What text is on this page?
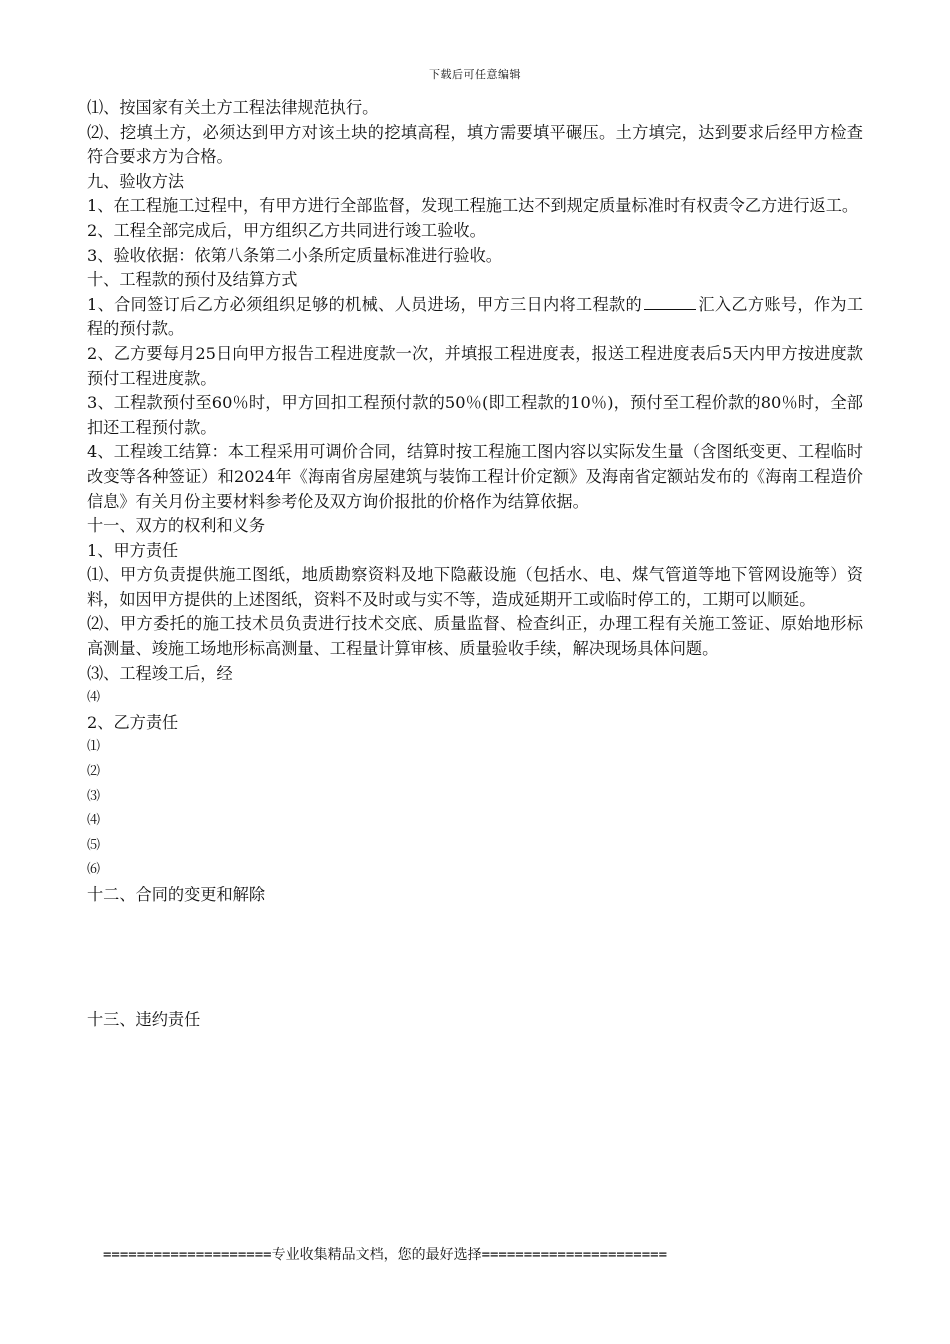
下载后可任意编辑

⑴、按国家有关土方工程法律规范执行。

⑵、挖填土方，必须达到甲方对该土块的挖填高程，填方需要填平碾压。土方填完，达到要求后经甲方检查符合要求方为合格。

九、验收方法

1、在工程施工过程中，有甲方进行全部监督，发现工程施工达不到规定质量标准时有权责令乙方进行返工。

2、工程全部完成后，甲方组织乙方共同进行竣工验收。

3、验收依据：依第八条第二小条所定质量标准进行验收。

十、工程款的预付及结算方式

1、合同签订后乙方必须组织足够的机械、人员进场，甲方三日内将工程款的	汇入乙方账号，作为工程的预付款。

2、乙方要每月25日向甲方报告工程进度款一次，并填报工程进度表，报送工程进度表后5天内甲方按进度款预付工程进度款。

3、工程款预付至60％时，甲方回扣工程预付款的50％(即工程款的10％)，预付至工程价款的80％时，全部扣还工程预付款。

4、工程竣工结算：本工程采用可调价合同，结算时按工程施工图内容以实际发生量（含图纸变更、工程临时改变等各种签证）和2024年《海南省房屋建筑与装饰工程计价定额》及海南省定额站发布的《海南工程造价信息》有关月份主要材料参考伦及双方询价报批的价格作为结算依据。

十一、双方的权利和义务

1、甲方责任

⑴、甲方负责提供施工图纸，地质勘察资料及地下隐蔽设施（包括水、电、煤气管道等地下管网设施等）资料，如因甲方提供的上述图纸，资料不及时或与实不等，造成延期开工或临时停工的，工期可以顺延。

⑵、甲方委托的施工技术员负责进行技术交底、质量监督、检查纠正，办理工程有关施工签证、原始地形标高测量、竣施工场地形标高测量、工程量计算审核、质量验收手续，解决现场具体问题。

⑶、工程竣工后，经

⑷

2、乙方责任

⑴

⑵

⑶

⑷

⑸

⑹

十二、合同的变更和解除

十三、违约责任

====================专业收集精品文档，您的最好选择======================
